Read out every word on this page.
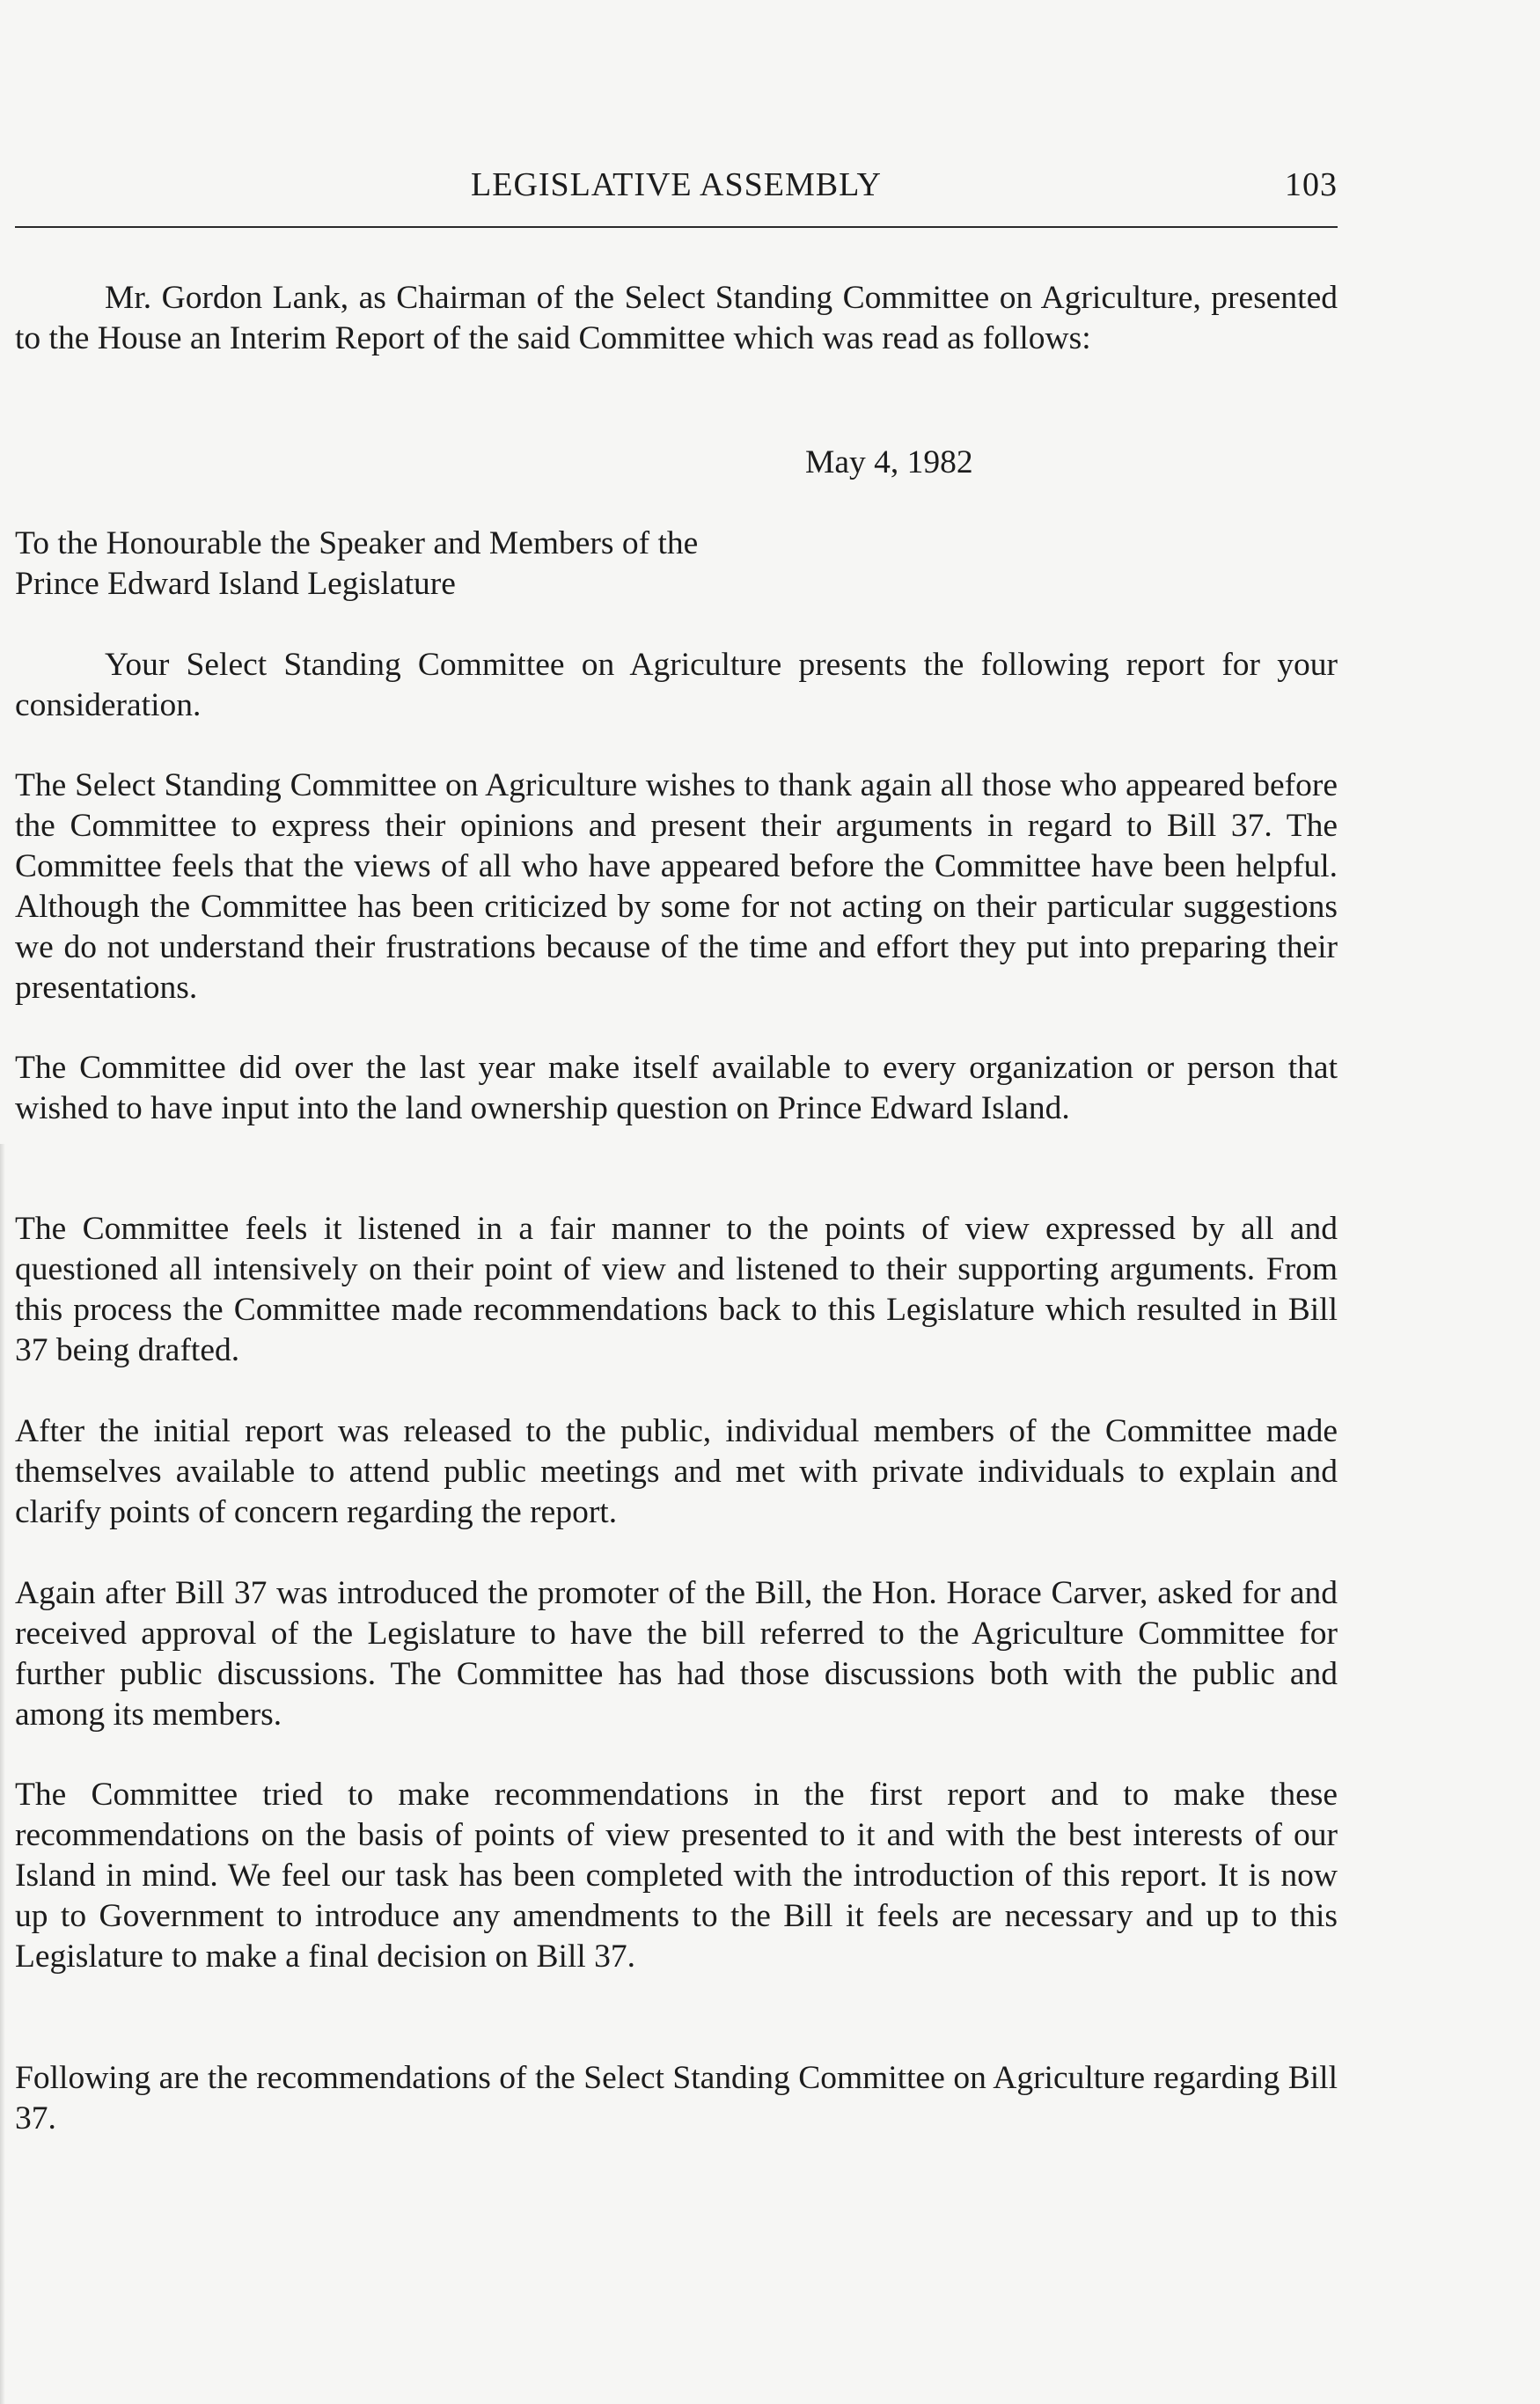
LEGISLATIVE ASSEMBLY	103

Mr. Gordon Lank, as Chairman of the Select Standing Committee on Agriculture, presented to the House an Interim Report of the said Committee which was read as follows:

May 4, 1982
To the Honourable the Speaker and Members of the
Prince Edward Island Legislature

Your Select Standing Committee on Agriculture presents the following report for your consideration.

The Select Standing Committee on Agriculture wishes to thank again all those who appeared before the Committee to express their opinions and present their arguments in regard to Bill 37. The Committee feels that the views of all who have appeared before the Committee have been helpful. Although the Committee has been criticized by some for not acting on their particular suggestions we do not understand their frustrations because of the time and effort they put into preparing their presentations.

The Committee did over the last year make itself available to every organization or person that wished to have input into the land ownership question on Prince Edward Island.

The Committee feels it listened in a fair manner to the points of view expressed by all and questioned all intensively on their point of view and listened to their supporting arguments. From this process the Committee made recommendations back to this Legislature which resulted in Bill 37 being drafted.

After the initial report was released to the public, individual members of the Committee made themselves available to attend public meetings and met with private individuals to explain and clarify points of concern regarding the report.

Again after Bill 37 was introduced the promoter of the Bill, the Hon. Horace Carver, asked for and received approval of the Legislature to have the bill referred to the Agriculture Committee for further public discussions. The Committee has had those discussions both with the public and among its members.

The Committee tried to make recommendations in the first report and to make these recommendations on the basis of points of view presented to it and with the best interests of our Island in mind. We feel our task has been completed with the introduction of this report. It is now up to Government to introduce any amendments to the Bill it feels are necessary and up to this Legislature to make a final decision on Bill 37.

Following are the recommendations of the Select Standing Committee on Agriculture regarding Bill 37.
